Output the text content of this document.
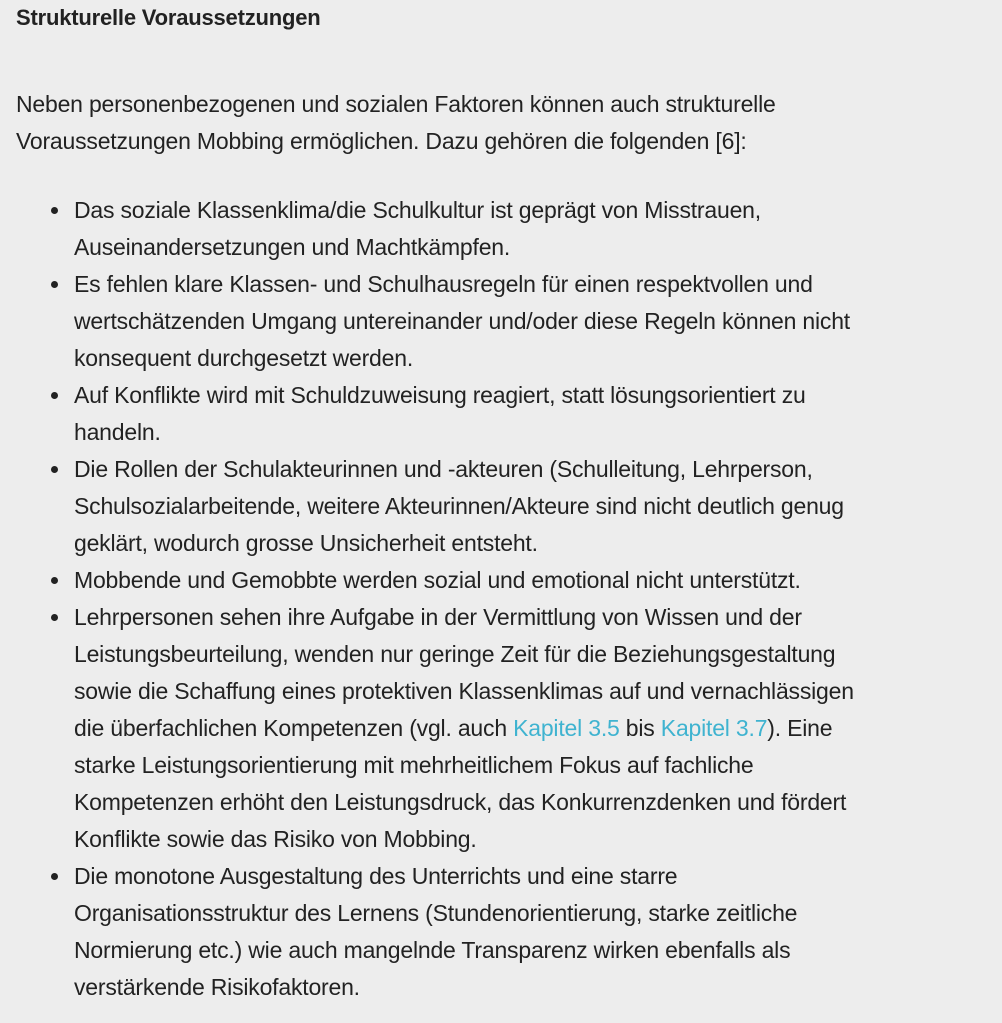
Strukturelle Voraussetzungen

Neben personenbezogenen und sozialen Faktoren können auch strukturelle
Voraussetzungen Mobbing ermöglichen. Dazu gehören die folgenden [6]:

Das soziale Klassenklima/die Schulkultur ist geprägt von Misstrauen,
Auseinandersetzungen und Machtkämpfen.
Es fehlen klare Klassen- und Schulhausregeln für einen respektvollen und
wertschätzenden Umgang untereinander und/oder diese Regeln können nicht
konsequent durchgesetzt werden.
Auf Konflikte wird mit Schuldzuweisung reagiert, statt lösungsorientiert zu
handeln.
Die Rollen der Schulakteurinnen und -akteuren (Schulleitung, Lehrperson,
Schulsozialarbeitende, weitere Akteurinnen/Akteure sind nicht deutlich genug
geklärt, wodurch grosse Unsicherheit entsteht.
Mobbende und Gemobbte werden sozial und emotional nicht unterstützt.
Lehrpersonen sehen ihre Aufgabe in der Vermittlung von Wissen und der
Leistungsbeurteilung, wenden nur geringe Zeit für die Beziehungsgestaltung
sowie die Schaffung eines protektiven Klassenklimas auf und vernachlässigen
die überfachlichen Kompetenzen (vgl. auch Kapitel 3.5 bis Kapitel 3.7). Eine
starke Leistungsorientierung mit mehrheitlichem Fokus auf fachliche
Kompetenzen erhöht den Leistungsdruck, das Konkurrenzdenken und fördert
Konflikte sowie das Risiko von Mobbing.
Die monotone Ausgestaltung des Unterrichts und eine starre
Organisationsstruktur des Lernens (Stundenorientierung, starke zeitliche
Normierung etc.) wie auch mangelnde Transparenz wirken ebenfalls als
verstärkende Risikofaktoren.
